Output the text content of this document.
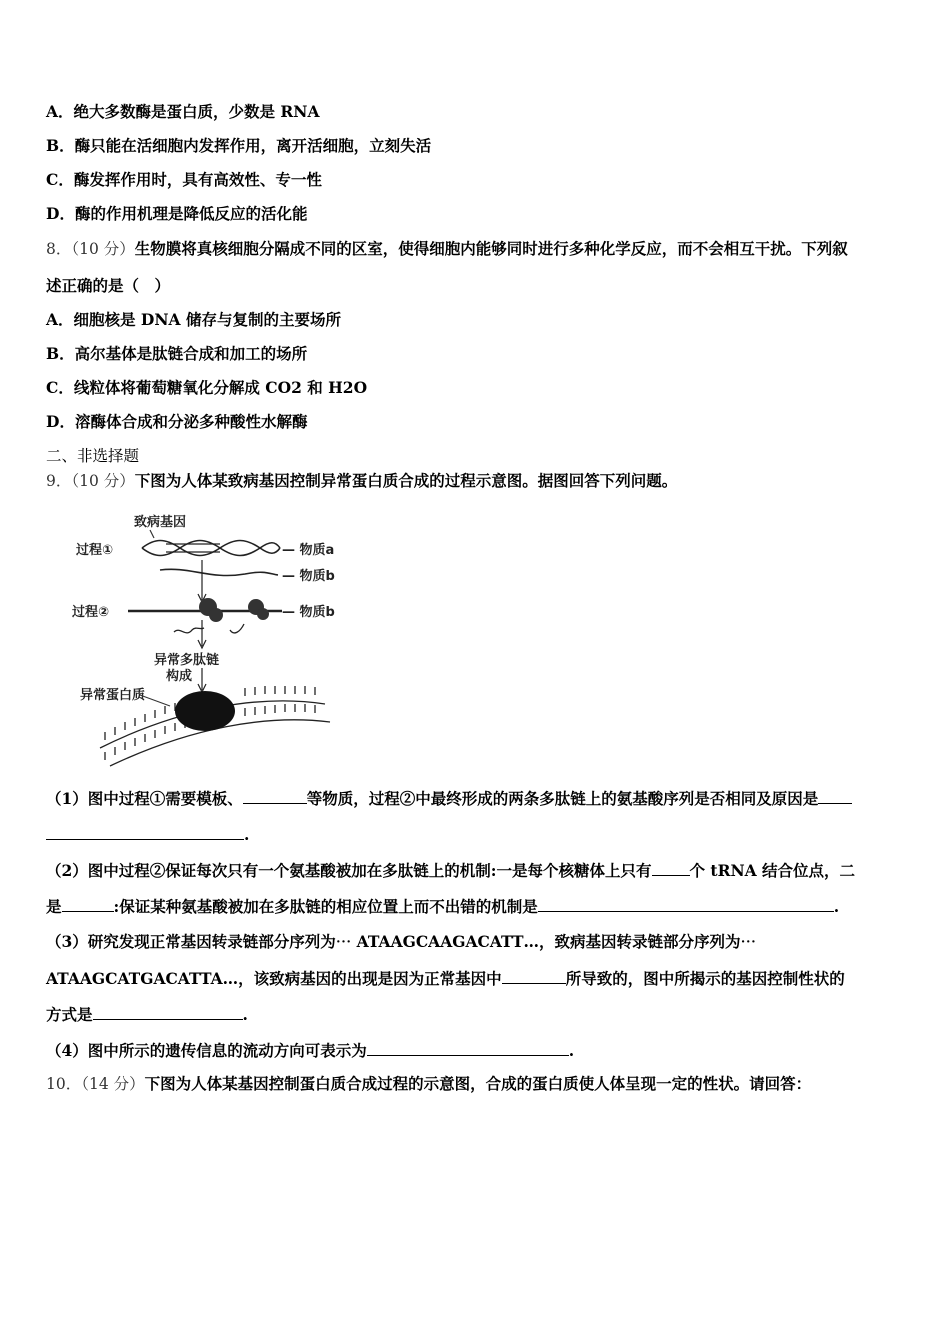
A．绝大多数酶是蛋白质，少数是 RNA
B．酶只能在活细胞内发挥作用，离开活细胞，立刻失活
C．酶发挥作用时，具有高效性、专一性
D．酶的作用机理是降低反应的活化能
8．（10 分）生物膜将真核细胞分隔成不同的区室，使得细胞内能够同时进行多种化学反应，而不会相互干扰。下列叙
述正确的是（　）
A．细胞核是 DNA 储存与复制的主要场所
B．高尔基体是肽链合成和加工的场所
C．线粒体将葡萄糖氧化分解成 CO2 和 H2O
D．溶酶体合成和分泌多种酸性水解酶
二、非选择题
9．（10 分）下图为人体某致病基因控制异常蛋白质合成的过程示意图。据图回答下列问题。
致病基因
过程①	— 物质a
— 物质b
过程②	— 物质b
异常多肽链
构成
异常蛋白质
（1）图中过程①需要模板、	等物质，过程②中最终形成的两条多肽链上的氨基酸序列是否相同及原因是
.
（2）图中过程②保证每次只有一个氨基酸被加在多肽链上的机制:一是每个核糖体上只有 个 tRNA 结合位点，二
是	:保证某种氨基酸被加在多肽链的相应位置上而不出错的机制是	.
（3）研究发现正常基因转录链部分序列为⋯ ATAAGCAAGACATT…，致病基因转录链部分序列为⋯
ATAAGCATGACATTA…，该致病基因的出现是因为正常基因中	所导致的，图中所揭示的基因控制性状的
方式是	.
（4）图中所示的遗传信息的流动方向可表示为	.
10．（14 分）下图为人体某基因控制蛋白质合成过程的示意图，合成的蛋白质使人体呈现一定的性状。请回答：
